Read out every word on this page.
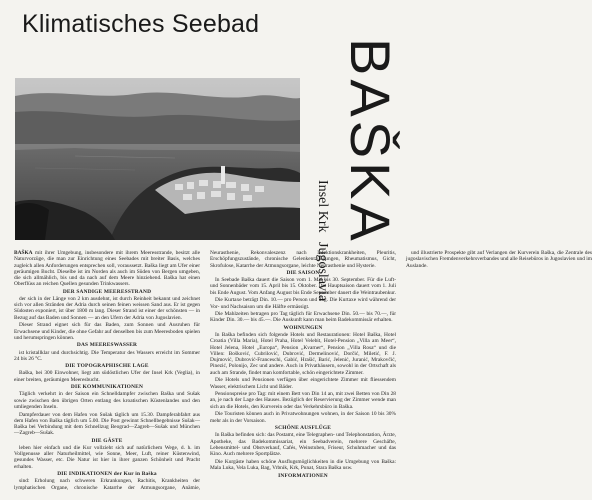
Klimatisches Seebad
BAŠKA
Insel Krk Jugoslavia

BAŠKA mit ihrer Umgebung, insbesondere mit ihrem Meeresstrande, besitzt alle Naturvorzüge, die man zur Einrichtung eines Seebades mit breiter Basis, welches zugleich allen Anforderungen entsprechen soll, voraussetzt. Baška liegt am Ufer einer geräumigen Bucht. Dieselbe ist im Norden als auch im Süden von Bergen umgeben, die sich allmählich, bis und da nach auf dem Meere hinziehend. Baška hat einen Oberflüss an reichen Quellen gesunden Trinkwassers.

DER SANDIGE MEERESSTRAND

der sich in der Länge von 2 km ausdehnt, ist durch Reinheit bekannt und zeichnet sich vor allen Stränden der Adria durch seinen feinen weissen Sand aus. Er ist gegen Südosten exponiert, ist über 1800 m lang. Dieser Strand ist einer der schönsten — in Bezug auf das Baden und Sonnen — an den Ufern der Adria von Jugoslavien.

Dieser Strand eignet sich für das Baden, zum Sonnen und Ausruhen für Erwachsene und Kinder, die ohne Gefahr auf denselben bis zum Meeresboden spielen und herumspringen können.

DAS MEERESWASSER

ist kristallklar und durchsichtig. Die Temperatur des Wassers erreicht im Sommer 24 bis 26 °C.

DIE TOPOGRAPHISCHE LAGE

Baška, bei 300 Einwohner, liegt am südöstlichen Ufer der Insel Krk (Veglia), in einer breiten, geräumigen Meeresbucht.

DIE KOMMUNIKATIONEN

Täglich verkehrt in der Saison ein Schnelldampfer zwischen Baška und Sušak sowie zwischen den übrigen Orten entlang des kroatischen Küstenlandes und den umliegenden Inseln.

Dampferdauer von dem Hafen von Sušak täglich um 15.30. Dampferabfahrt aus dem Hafen von Baška täglich um 5.00. Die Post gewinnt Schnellbegebnisse Sušak—Baška bei Verbindung mit dem Schnellzug Beograd—Zagreb—Sušak und München—Zagreb—Sušak.

DIE GÄSTE

leben hier einfach und die Kur vollzieht sich auf natürlichem Wege, d. h. im Vollgenusse aller Naturheilmittel, wie Sonne, Meer, Luft, reiner Küstenwind, gesundes Wasser, etc. Die Natur ist hier in ihrer ganzen Schönheit und Pracht erhalten.

DIE INDIKATIONEN der Kur in Baška

sind: Erholung nach schweren Erkrankungen, Rachitis, Krankheiten der lymphatischen Organe, chronische Katarrhe der Atmungsorgane, Anämie, Neurasthenie, Rekonvaleszenz nach Infektionskrankheiten, Pleuritis, Erschöpfungszustände, chronische Gelenkentzündungen, Rheumatismus, Gicht, Skrofulose, Katarrhe der Atmungsorgane, leichte Neurasthenie und Hysterie.

DIE SAISON

In Seebade Baška dauert die Saison vom 1. Mai bis 30. September. Für die Luft- und Sonnenbäder vom 15. April bis 15. Oktober. Die Hauptsaison dauert vom 1. Juli bis Ende August. Vom Anfang August bis Ende September dauert die Weintraubenkur.

Die Kurtaxe beträgt Din. 10.— pro Person und Tag. Die Kurtaxe wird während der Vor- und Nachsaison um die Hälfte ermässigt.

Die Mahlzeiten betragen pro Tag täglich für Erwachsene Din. 50.— bis 70.—, für Kinder Din. 30.— bis 45.—. Die Auskunft kann man beim Badekommissär erhalten.

WOHNUNGEN

In Baška befinden sich folgende Hotels und Restaurationen: Hotel Baška, Hotel Croatia (Villa Maria), Hotel Praha, Hotel Velebit, Hotel-Pension „Villa am Meer“, Hotel Jelena, Hotel „Europa“, Pension „Kvarner“, Pension „Villa Rosa“ und die Villen: Bošković, Cubrilović, Dubrović, Dermelinović, Dorčić, Miletić, F. J. Dujmović, Dubrović-Franceschi, Gabić, Hrašić, Barić, Jelenić, Juranić, Mrakovčić, Pinezić, Polonijo, Zec und andere. Auch in Privathäusern, sowohl in der Ortschaft als auch am Strande, findet man komfortable, schön eingerichtete Zimmer.

Die Hotels und Pensionen verfügen über eingerichtete Zimmer mit fliessendem Wasser, elektrischem Licht und Bäder.

Pensionspreise pro Tag: mit einem Bett von Din 14 an, mit zwei Betten von Din 28 an, je nach der Lage des Hauses. Bezüglich der Reservierung der Zimmer wende man sich an die Hotels, den Kurverein oder das Verkehrsbüro in Baška.

Die Touristen können auch in Privatwohnungen wohnen, in der Saison 10 bis 30% mehr als in der Vorsaison.

SCHÖNE AUSFLÜGE

In Baška befinden sich: das Postamt, eine Telegraphen- und Telephonstation, Ärzte, Apotheke, das Badekommissariat, ein Seebadverein, mehrere Geschäfte, Lebensmittel- und Obstverkauf, Cafés, Weinstuben, Friseur, Schuhmacher und das Kino. Auch mehrere Sportplätze.

Die Kurgäste haben schöne Ausflugsmöglichkeiten in die Umgebung von Baška: Mala Luka, Vela Luka, Bag, Vrbnik, Krk, Punat, Stara Baška usw.

INFORMATIONEN

und illustrierte Prospekte gibt auf Verlangen der Kurverein Baška, die Zentrale des jugoslavischen Fremdenverkehrsverbandes und alle Reisebüros in Jugoslavien und im Auslande.
